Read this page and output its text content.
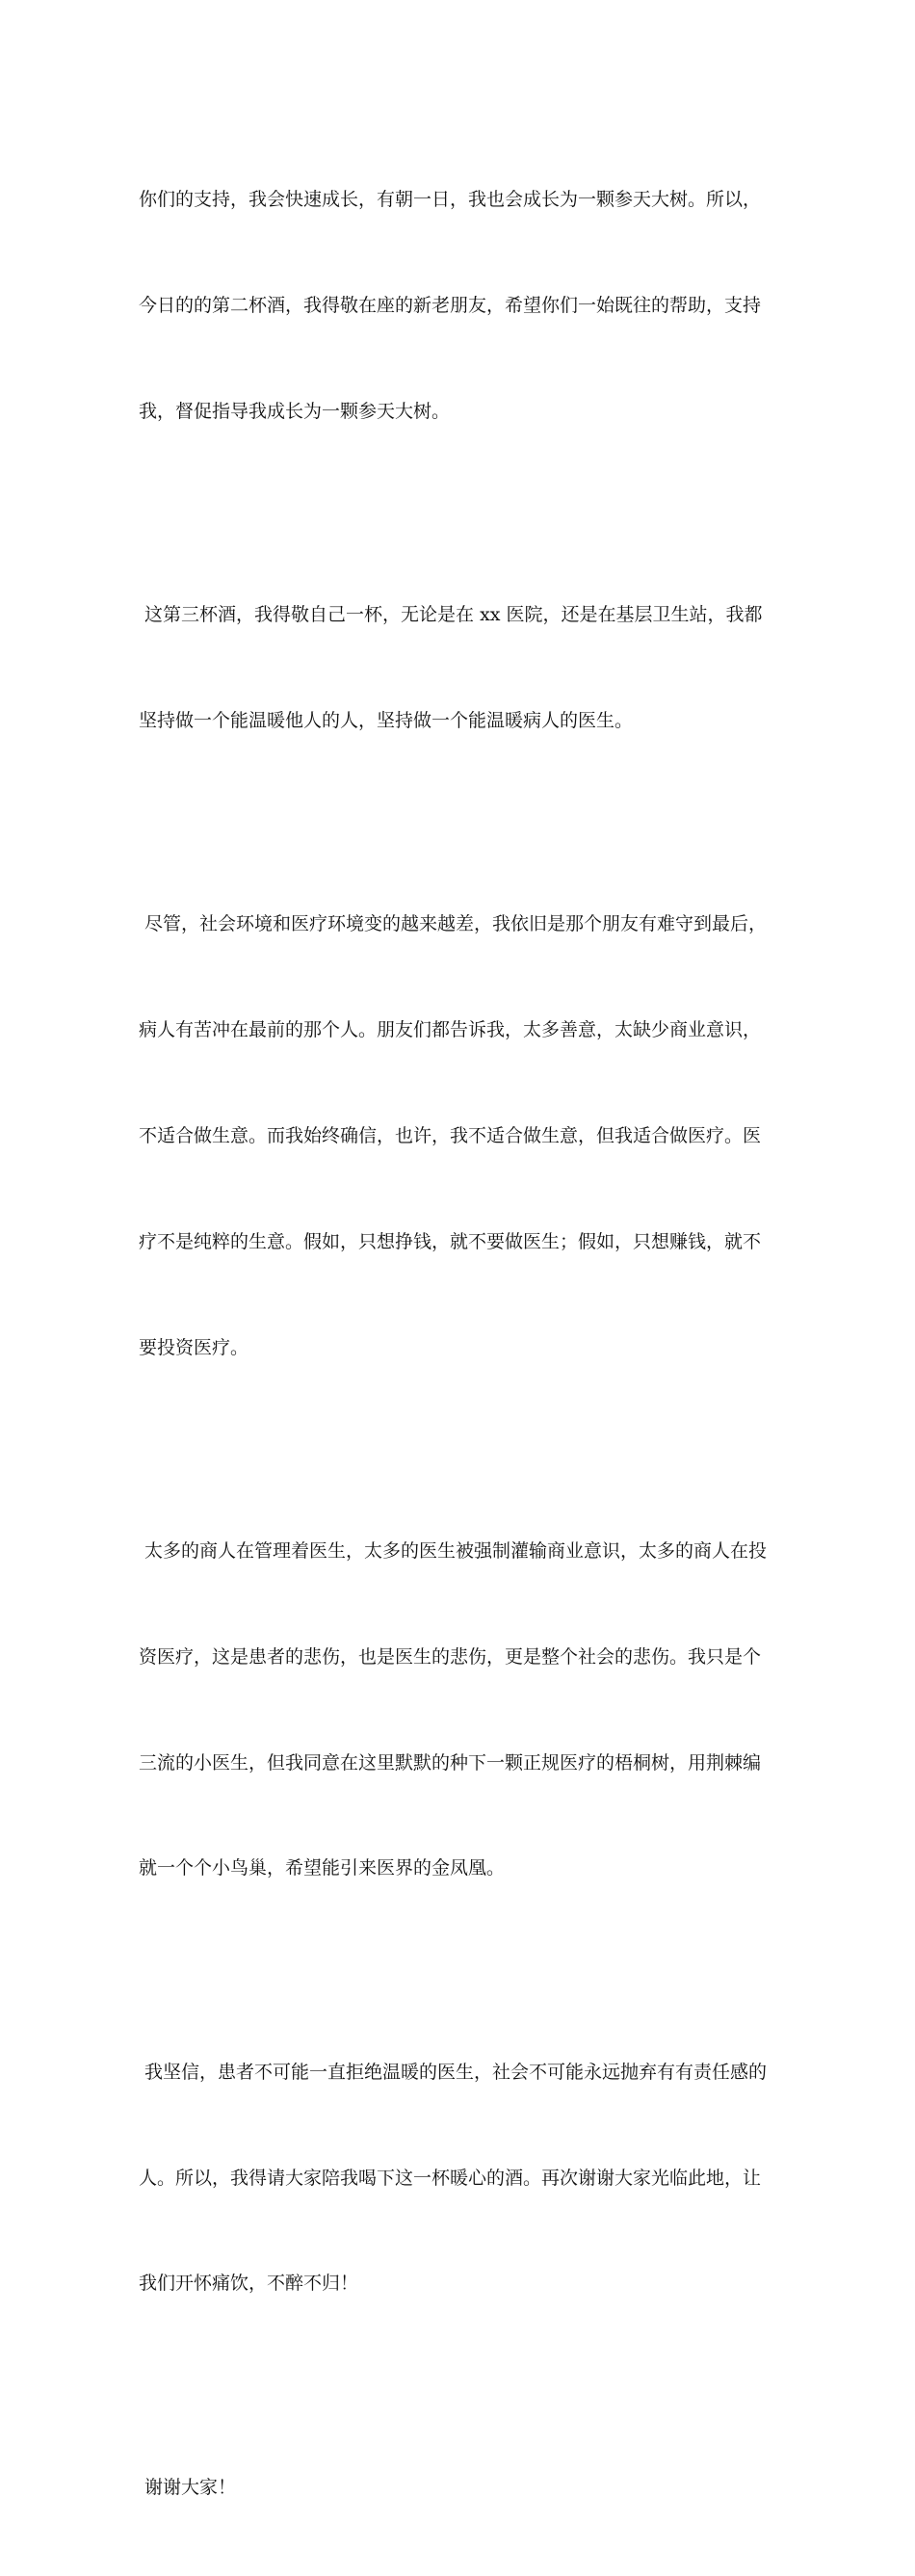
你们的支持，我会快速成长，有朝一日，我也会成长为一颗参天大树。所以，

今日的的第二杯酒，我得敬在座的新老朋友，希望你们一始既往的帮助，支持

我，督促指导我成长为一颗参天大树。

这第三杯酒，我得敬自己一杯，无论是在 xx 医院，还是在基层卫生站，我都

坚持做一个能温暖他人的人，坚持做一个能温暖病人的医生。

尽管，社会环境和医疗环境变的越来越差，我依旧是那个朋友有难守到最后，

病人有苦冲在最前的那个人。朋友们都告诉我，太多善意，太缺少商业意识，

不适合做生意。而我始终确信，也许，我不适合做生意，但我适合做医疗。医

疗不是纯粹的生意。假如，只想挣钱，就不要做医生；假如，只想赚钱，就不

要投资医疗。

太多的商人在管理着医生，太多的医生被强制灌输商业意识，太多的商人在投

资医疗，这是患者的悲伤，也是医生的悲伤，更是整个社会的悲伤。我只是个

三流的小医生，但我同意在这里默默的种下一颗正规医疗的梧桐树，用荆棘编

就一个个小鸟巢，希望能引来医界的金凤凰。

我坚信，患者不可能一直拒绝温暖的医生，社会不可能永远抛弃有有责任感的

人。所以，我得请大家陪我喝下这一杯暖心的酒。再次谢谢大家光临此地，让

我们开怀痛饮，不醉不归！

谢谢大家！
